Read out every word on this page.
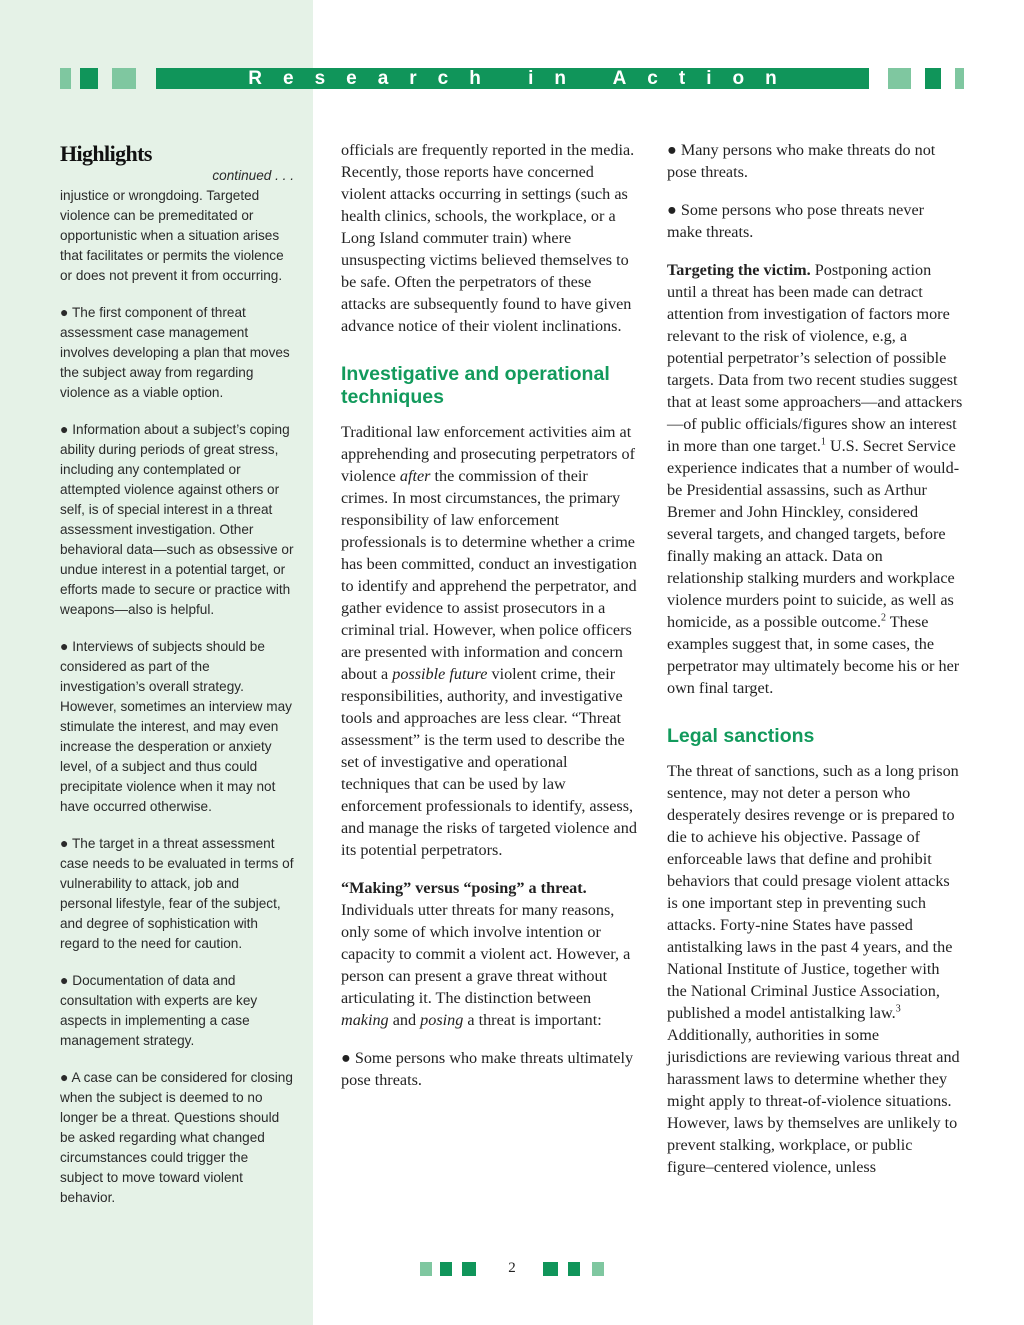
Research in Action
Highlights
continued . . .

injustice or wrongdoing. Targeted violence can be premeditated or opportunistic when a situation arises that facilitates or permits the violence or does not prevent it from occurring.

● The first component of threat assessment case management involves developing a plan that moves the subject away from regarding violence as a viable option.

● Information about a subject’s coping ability during periods of great stress, including any contemplated or attempted violence against others or self, is of special interest in a threat assessment investigation. Other behavioral data—such as obsessive or undue interest in a potential target, or efforts made to secure or practice with weapons—also is helpful.

● Interviews of subjects should be considered as part of the investigation’s overall strategy. However, sometimes an interview may stimulate the interest, and may even increase the desperation or anxiety level, of a subject and thus could precipitate violence when it may not have occurred otherwise.

● The target in a threat assessment case needs to be evaluated in terms of vulnerability to attack, job and personal lifestyle, fear of the subject, and degree of sophistication with regard to the need for caution.

● Documentation of data and consultation with experts are key aspects in implementing a case management strategy.

● A case can be considered for closing when the subject is deemed to no longer be a threat. Questions should be asked regarding what changed circumstances could trigger the subject to move toward violent behavior.

officials are frequently reported in the media. Recently, those reports have concerned violent attacks occurring in settings (such as health clinics, schools, the workplace, or a Long Island commuter train) where unsuspecting victims believed themselves to be safe. Often the perpetrators of these attacks are subsequently found to have given advance notice of their violent inclinations.

Investigative and operational techniques

Traditional law enforcement activities aim at apprehending and prosecuting perpetrators of violence after the commission of their crimes. In most circumstances, the primary responsibility of law enforcement professionals is to determine whether a crime has been committed, conduct an investigation to identify and apprehend the perpetrator, and gather evidence to assist prosecutors in a criminal trial. However, when police officers are presented with information and concern about a possible future violent crime, their responsibilities, authority, and investigative tools and approaches are less clear. “Threat assessment” is the term used to describe the set of investigative and operational techniques that can be used by law enforcement professionals to identify, assess, and manage the risks of targeted violence and its potential perpetrators.

“Making” versus “posing” a threat. Individuals utter threats for many reasons, only some of which involve intention or capacity to commit a violent act. However, a person can present a grave threat without articulating it. The distinction between making and posing a threat is important:

● Some persons who make threats ultimately pose threats.

● Many persons who make threats do not pose threats.

● Some persons who pose threats never make threats.

Targeting the victim. Postponing action until a threat has been made can detract attention from investigation of factors more relevant to the risk of violence, e.g, a potential perpetrator’s selection of possible targets. Data from two recent studies suggest that at least some approachers—and attackers—of public officials/figures show an interest in more than one target.$^1$ U.S. Secret Service experience indicates that a number of would-be Presidential assassins, such as Arthur Bremer and John Hinckley, considered several targets, and changed targets, before finally making an attack. Data on relationship stalking murders and workplace violence murders point to suicide, as well as homicide, as a possible outcome.$^2$ These examples suggest that, in some cases, the perpetrator may ultimately become his or her own final target.

Legal sanctions

The threat of sanctions, such as a long prison sentence, may not deter a person who desperately desires revenge or is prepared to die to achieve his objective. Passage of enforceable laws that define and prohibit behaviors that could presage violent attacks is one important step in preventing such attacks. Forty-nine States have passed antistalking laws in the past 4 years, and the National Institute of Justice, together with the National Criminal Justice Association, published a model antistalking law.$^3$ Additionally, authorities in some jurisdictions are reviewing various threat and harassment laws to determine whether they might apply to threat-of-violence situations. However, laws by themselves are unlikely to prevent stalking, workplace, or public figure–centered violence, unless

2
